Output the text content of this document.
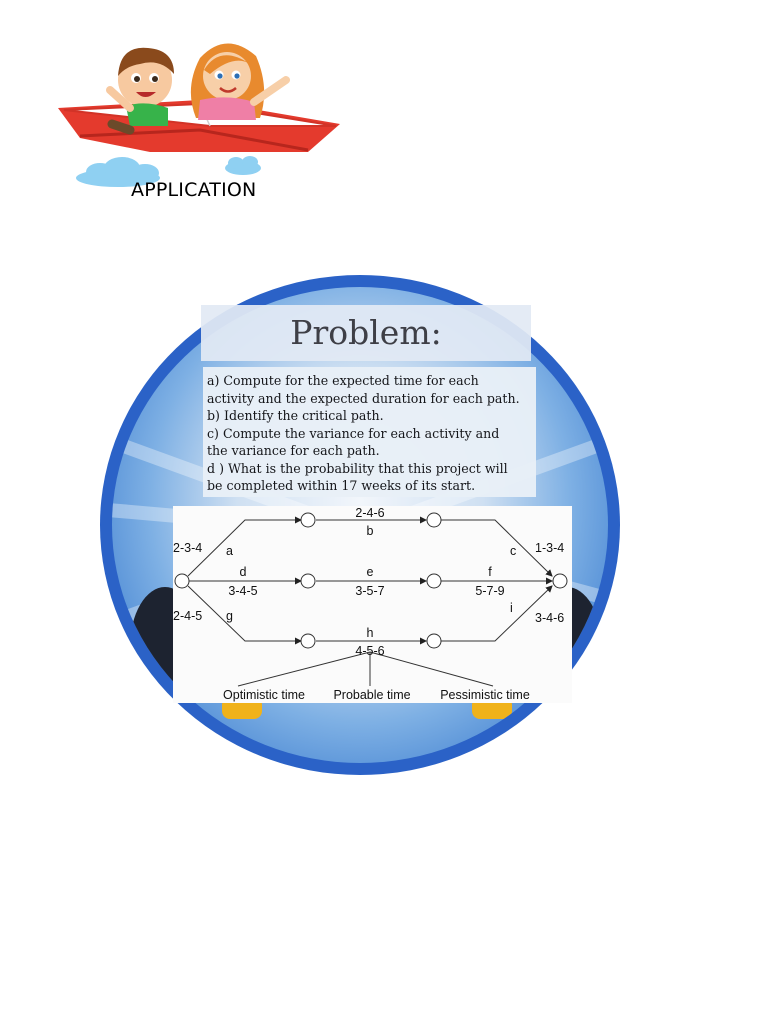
APPLICATION
Problem:
a) Compute for the expected time for each
activity and the expected duration for each path.
b) Identify the critical path.
c) Compute the variance for each activity and
the variance for each path.
d ) What is the probability that this project will
be completed within 17 weeks of its start.
2-4-6
b
2-3-4 a	c 1-3-4
d
3-4-5
e
3-5-7
f
5-7-9
2-4-5 g
i
3-4-6
h
4-5-6
Optimistic time Probable time Pessimistic time
